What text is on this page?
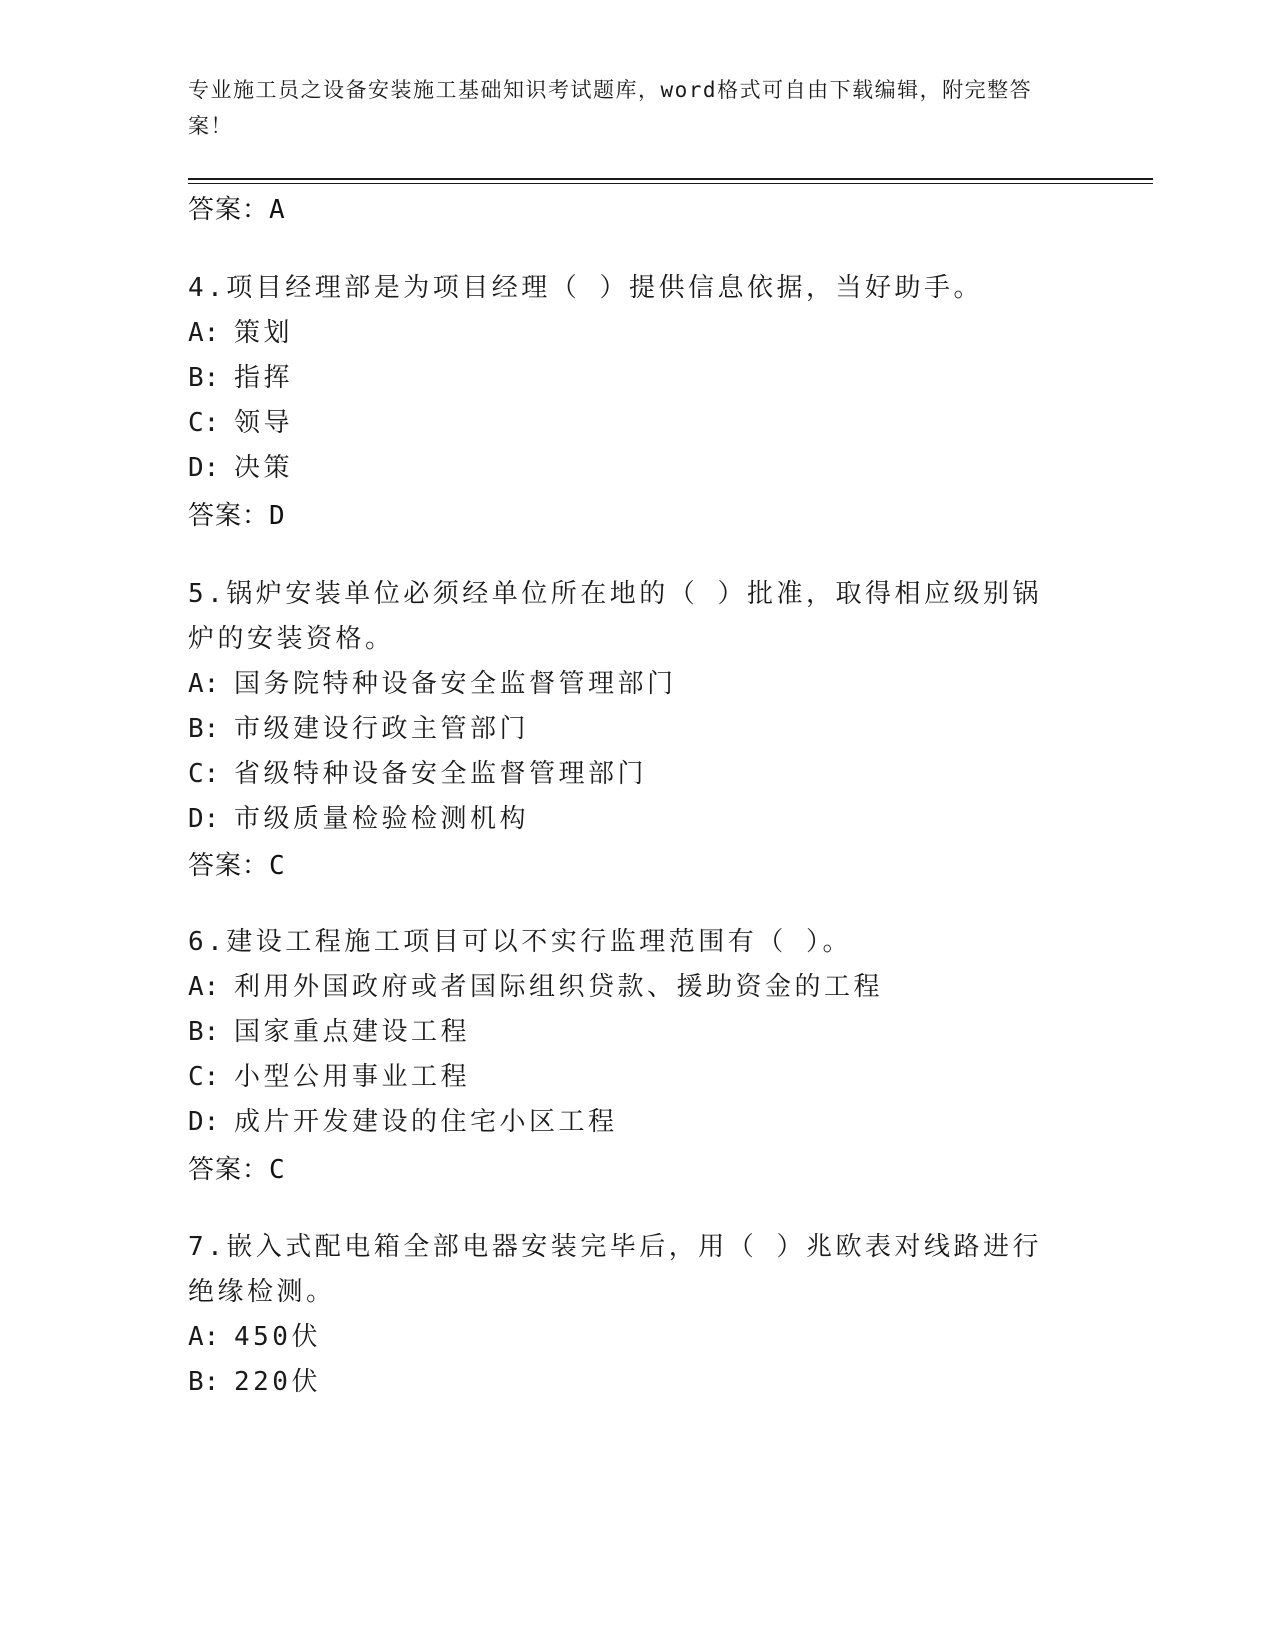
专业施工员之设备安装施工基础知识考试题库，word格式可自由下载编辑，附完整答案！
答案：A
4.项目经理部是为项目经理（ ）提供信息依据，当好助手。
A: 策划
B: 指挥
C: 领导
D: 决策
答案：D
5.锅炉安装单位必须经单位所在地的（ ）批准，取得相应级别锅炉的安装资格。
A: 国务院特种设备安全监督管理部门
B: 市级建设行政主管部门
C: 省级特种设备安全监督管理部门
D: 市级质量检验检测机构
答案：C
6.建设工程施工项目可以不实行监理范围有（ ）。
A: 利用外国政府或者国际组织贷款、援助资金的工程
B: 国家重点建设工程
C: 小型公用事业工程
D: 成片开发建设的住宅小区工程
答案：C
7.嵌入式配电箱全部电器安装完毕后，用（ ）兆欧表对线路进行绝缘检测。
A: 450伏
B: 220伏
